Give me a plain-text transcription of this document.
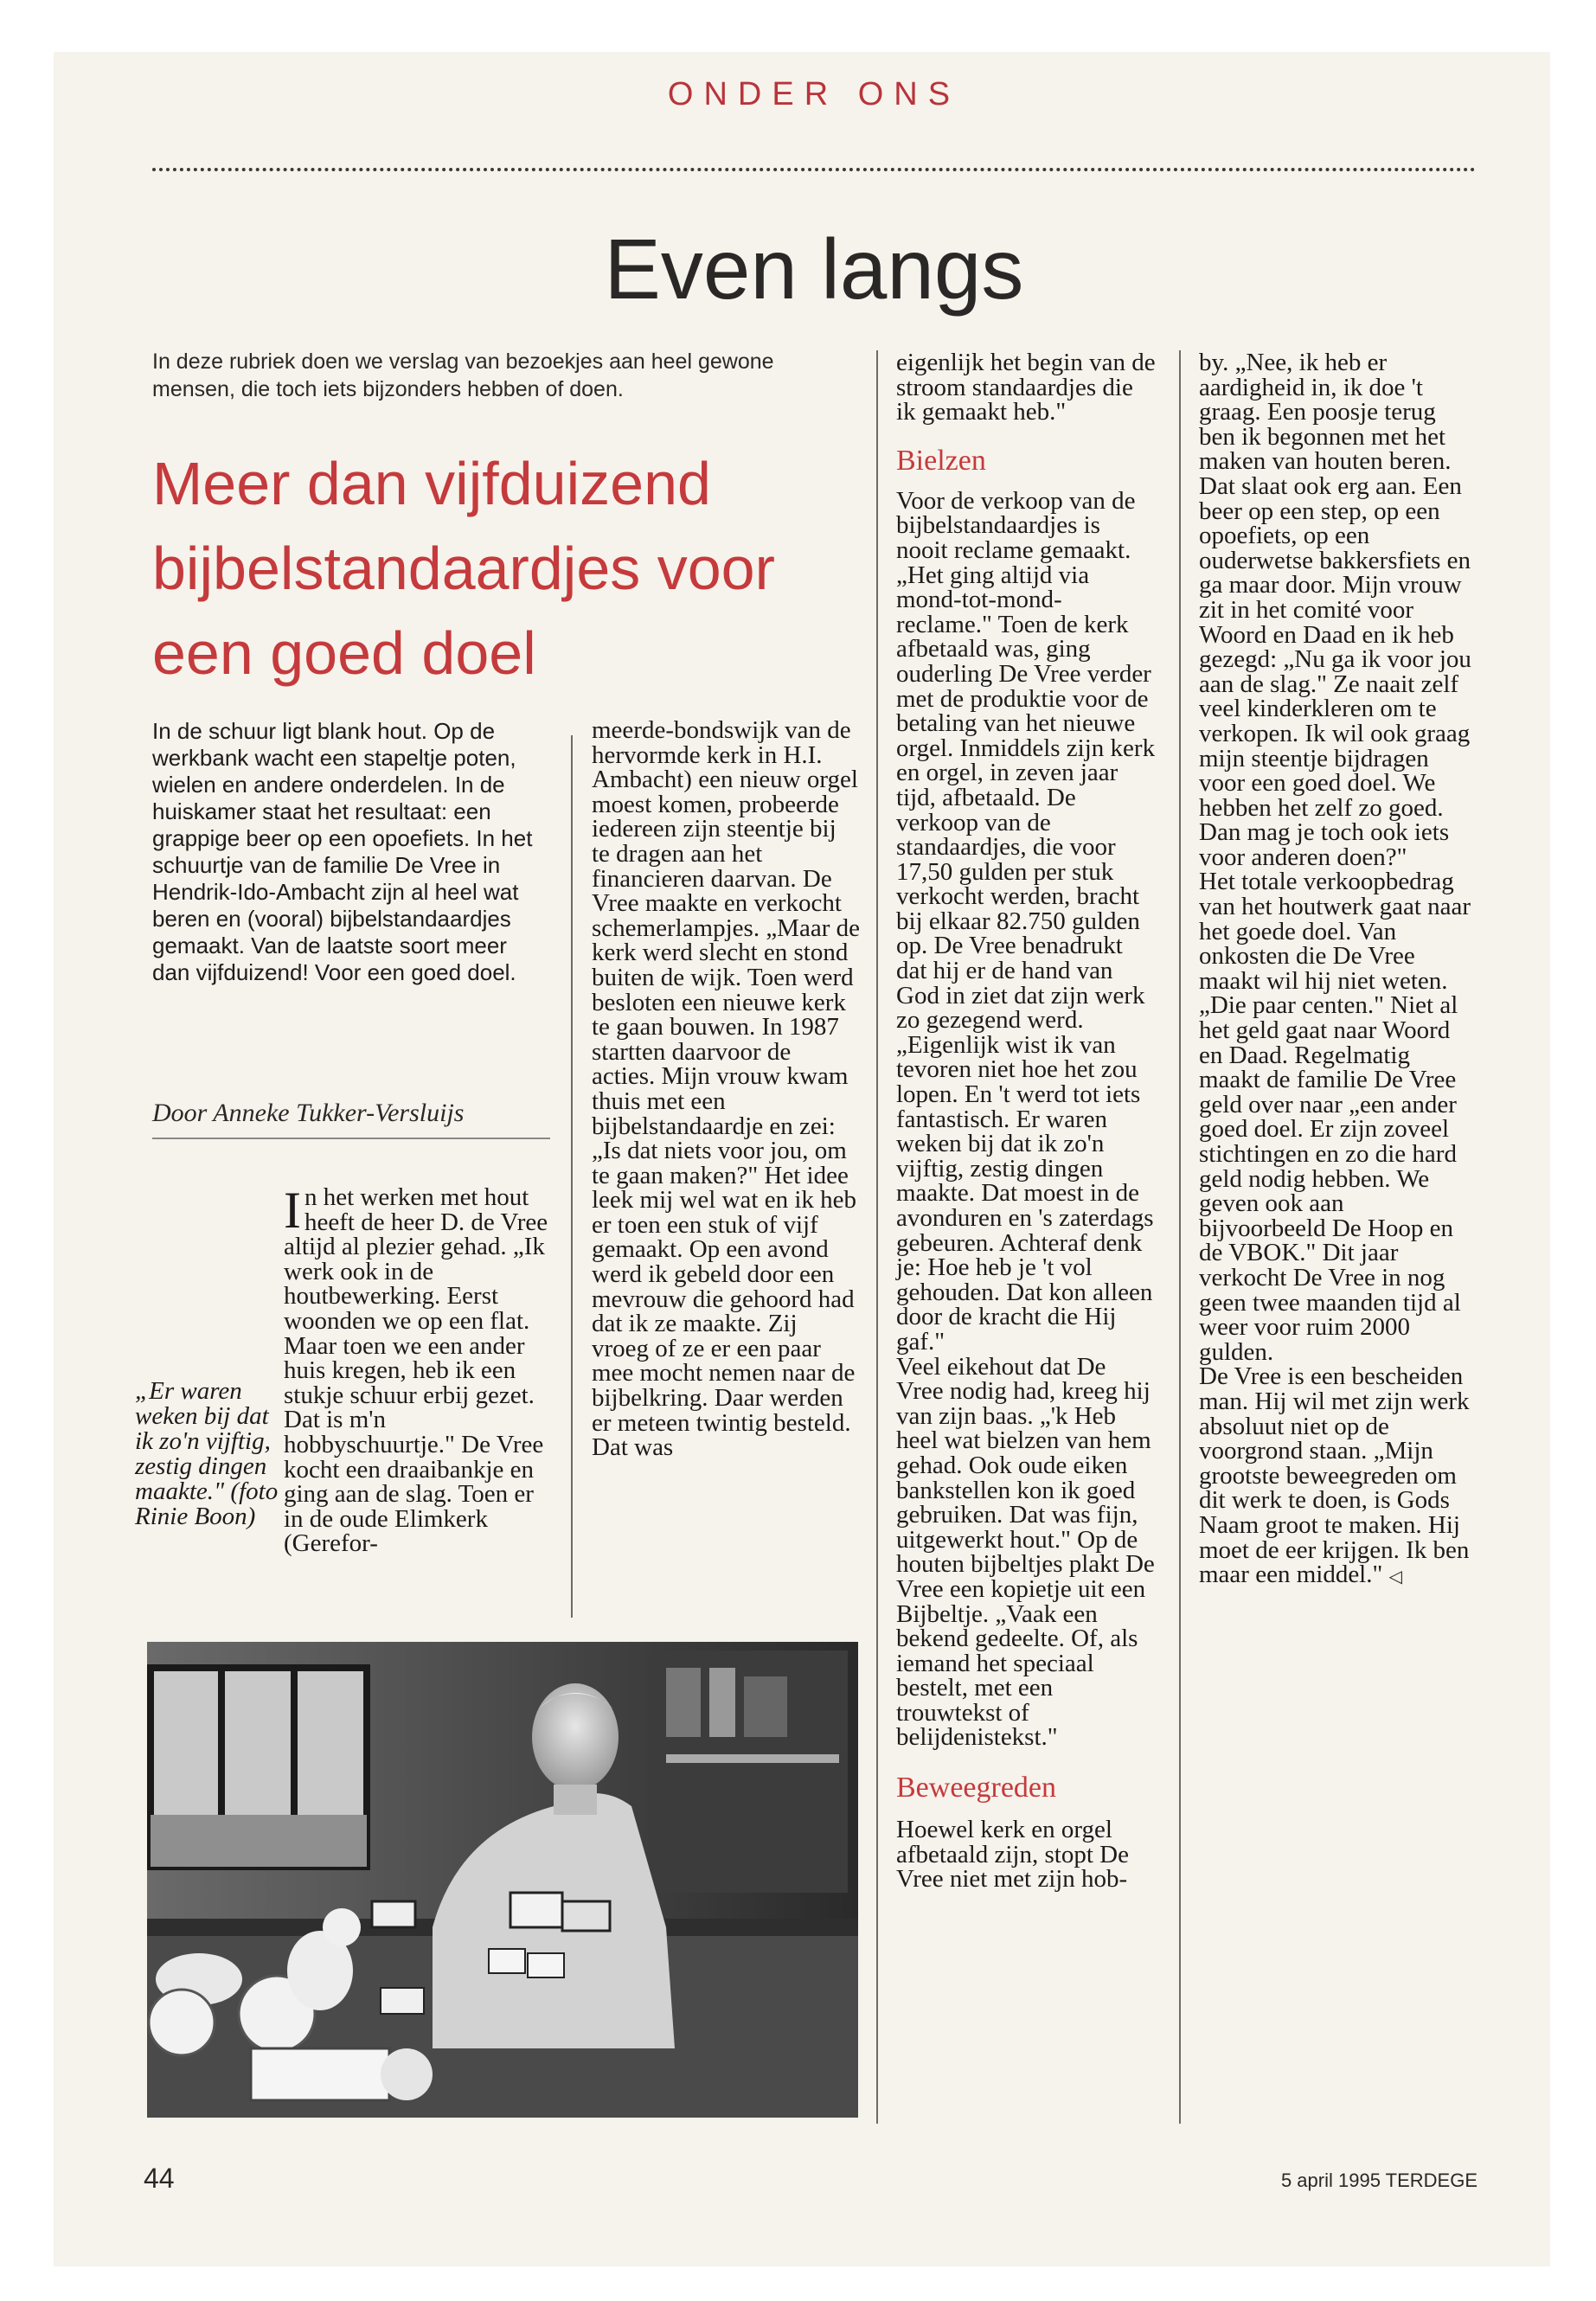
ONDER ONS
Even langs
In deze rubriek doen we verslag van bezoekjes aan heel gewone mensen, die toch iets bijzonders hebben of doen.
Meer dan vijfduizend bijbelstandaardjes voor een goed doel
In de schuur ligt blank hout. Op de werkbank wacht een stapeltje poten, wielen en andere onderdelen. In de huiskamer staat het resultaat: een grappige beer op een opoefiets. In het schuurtje van de familie De Vree in Hendrik-Ido-Ambacht zijn al heel wat beren en (vooral) bijbelstandaardjes gemaakt. Van de laatste soort meer dan vijfduizend! Voor een goed doel.
Door Anneke Tukker-Versluijs
In het werken met hout heeft de heer D. de Vree altijd al plezier gehad. „Ik werk ook in de houtbewerking. Eerst woonden we op een flat. Maar toen we een ander huis kregen, heb ik een stukje schuur erbij gezet. Dat is m'n hobbyschuurtje." De Vree kocht een draaibankje en ging aan de slag. Toen er in de oude Elimkerk (Gerefor-
„Er waren weken bij dat ik zo'n vijftig, zestig dingen maakte." (foto Rinie Boon)

meerde-bondswijk van de hervormde kerk in H.I. Ambacht) een nieuw orgel moest komen, probeerde iedereen zijn steentje bij te dragen aan het financieren daarvan. De Vree maakte en verkocht schemerlampjes. „Maar de kerk werd slecht en stond buiten de wijk. Toen werd besloten een nieuwe kerk te gaan bouwen. In 1987 startten daarvoor de acties. Mijn vrouw kwam thuis met een bijbelstandaardje en zei: „Is dat niets voor jou, om te gaan maken?" Het idee leek mij wel wat en ik heb er toen een stuk of vijf gemaakt. Op een avond werd ik gebeld door een mevrouw die gehoord had dat ik ze maakte. Zij vroeg of ze er een paar mee mocht nemen naar de bijbelkring. Daar werden er meteen twintig besteld. Dat was

eigenlijk het begin van de stroom standaardjes die ik gemaakt heb."

Bielzen

Voor de verkoop van de bijbelstandaardjes is nooit reclame gemaakt. „Het ging altijd via mond-tot-mond-reclame." Toen de kerk afbetaald was, ging ouderling De Vree verder met de produktie voor de betaling van het nieuwe orgel. Inmiddels zijn kerk en orgel, in zeven jaar tijd, afbetaald. De verkoop van de standaardjes, die voor 17,50 gulden per stuk verkocht werden, bracht bij elkaar 82.750 gulden op. De Vree benadrukt dat hij er de hand van God in ziet dat zijn werk zo gezegend werd. „Eigenlijk wist ik van tevoren niet hoe het zou lopen. En 't werd tot iets fantastisch. Er waren weken bij dat ik zo'n vijftig, zestig dingen maakte. Dat moest in de avonduren en 's zaterdags gebeuren. Achteraf denk je: Hoe heb je 't vol gehouden. Dat kon alleen door de kracht die Hij gaf."

Veel eikehout dat De Vree nodig had, kreeg hij van zijn baas. „'k Heb heel wat bielzen van hem gehad. Ook oude eiken bankstellen kon ik goed gebruiken. Dat was fijn, uitgewerkt hout." Op de houten bijbeltjes plakt De Vree een kopietje uit een Bijbeltje. „Vaak een bekend gedeelte. Of, als iemand het speciaal bestelt, met een trouwtekst of belijdenistekst."

Beweegreden

Hoewel kerk en orgel afbetaald zijn, stopt De Vree niet met zijn hob-

by. „Nee, ik heb er aardigheid in, ik doe 't graag. Een poosje terug ben ik begonnen met het maken van houten beren. Dat slaat ook erg aan. Een beer op een step, op een opoefiets, op een ouderwetse bakkersfiets en ga maar door. Mijn vrouw zit in het comité voor Woord en Daad en ik heb gezegd: „Nu ga ik voor jou aan de slag." Ze naait zelf veel kinderkleren om te verkopen. Ik wil ook graag mijn steentje bijdragen voor een goed doel. We hebben het zelf zo goed. Dan mag je toch ook iets voor anderen doen?"

Het totale verkoopbedrag van het houtwerk gaat naar het goede doel. Van onkosten die De Vree maakt wil hij niet weten. „Die paar centen." Niet al het geld gaat naar Woord en Daad. Regelmatig maakt de familie De Vree geld over naar „een ander goed doel. Er zijn zoveel stichtingen en zo die hard geld nodig hebben. We geven ook aan bijvoorbeeld De Hoop en de VBOK." Dit jaar verkocht De Vree in nog geen twee maanden tijd al weer voor ruim 2000 gulden.

De Vree is een bescheiden man. Hij wil met zijn werk absoluut niet op de voorgrond staan. „Mijn grootste beweegreden om dit werk te doen, is Gods Naam groot te maken. Hij moet de eer krijgen. Ik ben maar een middel." ◁

44	5 april 1995 TERDEGE
